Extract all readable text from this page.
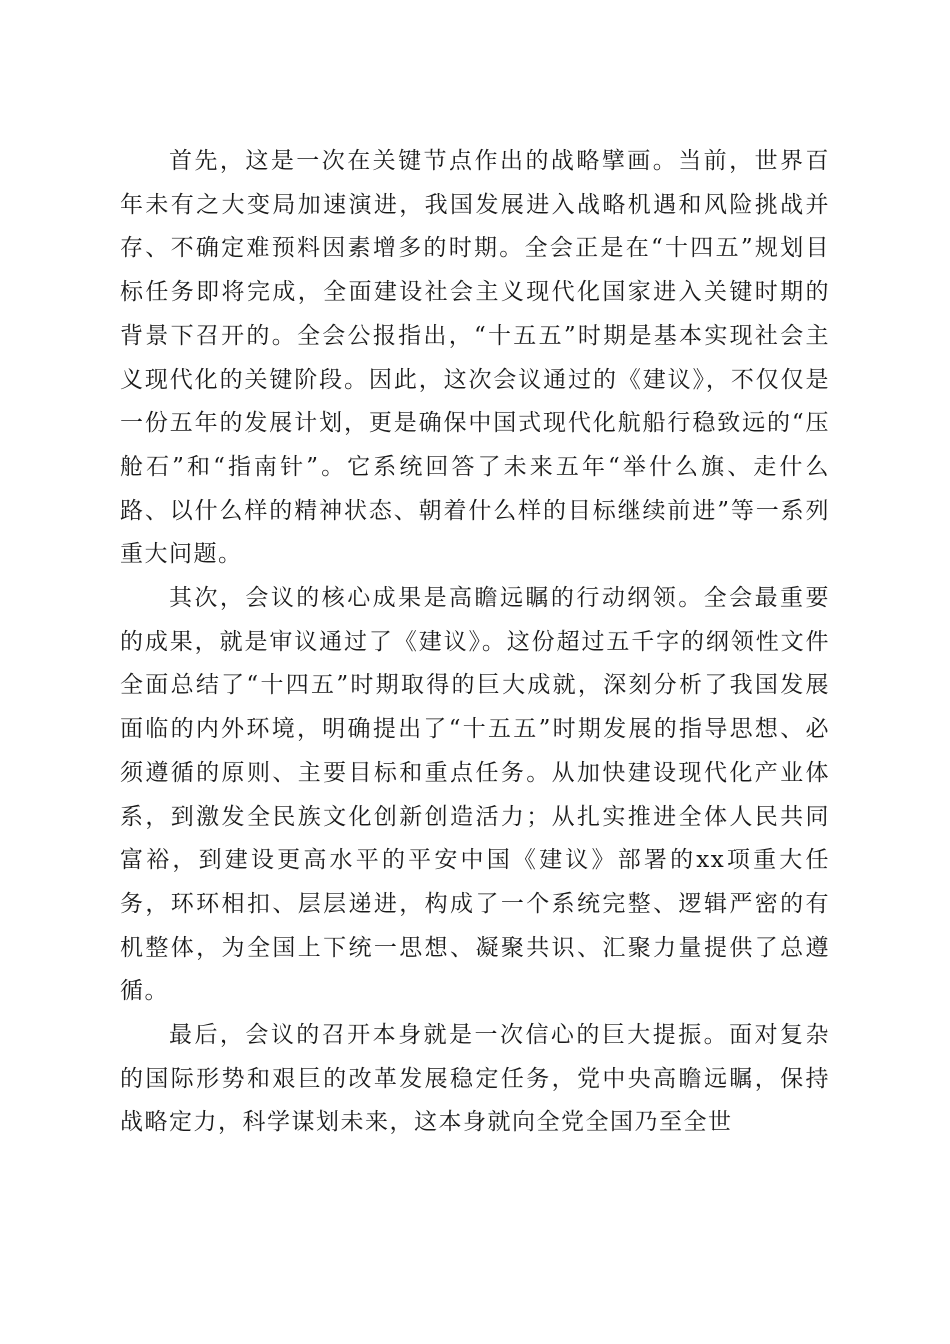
首先，这是一次在关键节点作出的战略擘画。当前，世界百年未有之大变局加速演进，我国发展进入战略机遇和风险挑战并存、不确定难预料因素增多的时期。全会正是在“十四五”规划目标任务即将完成，全面建设社会主义现代化国家进入关键时期的背景下召开的。全会公报指出，“十五五”时期是基本实现社会主义现代化的关键阶段。因此，这次会议通过的《建议》，不仅仅是一份五年的发展计划，更是确保中国式现代化航船行稳致远的“压舱石”和“指南针”。它系统回答了未来五年“举什么旗、走什么路、以什么样的精神状态、朝着什么样的目标继续前进”等一系列重大问题。

其次，会议的核心成果是高瞻远瞩的行动纲领。全会最重要的成果，就是审议通过了《建议》。这份超过五千字的纲领性文件全面总结了“十四五”时期取得的巨大成就，深刻分析了我国发展面临的内外环境，明确提出了“十五五”时期发展的指导思想、必须遵循的原则、主要目标和重点任务。从加快建设现代化产业体系，到激发全民族文化创新创造活力；从扎实推进全体人民共同富裕，到建设更高水平的平安中国《建议》部署的xx项重大任务，环环相扣、层层递进，构成了一个系统完整、逻辑严密的有机整体，为全国上下统一思想、凝聚共识、汇聚力量提供了总遵循。

最后，会议的召开本身就是一次信心的巨大提振。面对复杂的国际形势和艰巨的改革发展稳定任务，党中央高瞻远瞩，保持战略定力，科学谋划未来，这本身就向全党全国乃至全世
